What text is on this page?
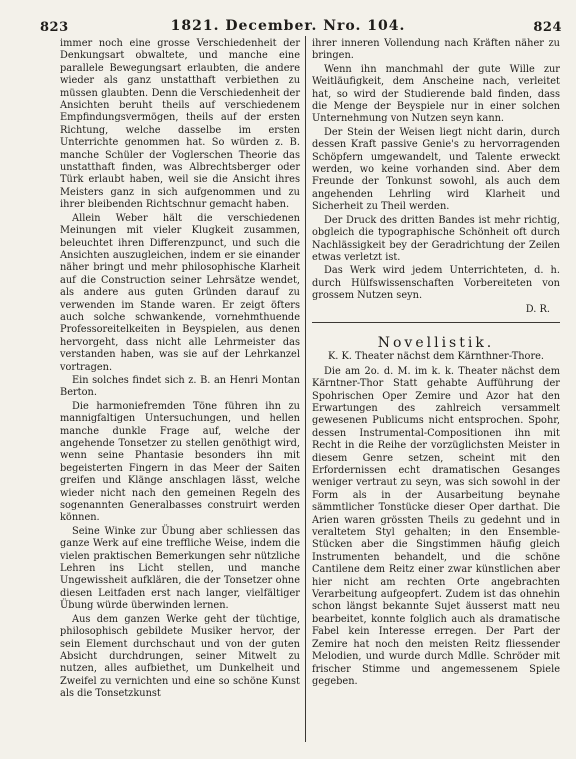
823	1821. December. Nro. 104.	824

immer noch eine grosse Verschiedenheit der Denkungsart obwaltete, und manche eine parallele Bewegungsart erlaubten, die andere wieder als ganz unstatthaft verbiethen zu müssen glaubten. Denn die Verschiedenheit der Ansichten beruht theils auf verschiedenem Empfindungsvermögen, theils auf der ersten Richtung, welche dasselbe im ersten Unterrichte genommen hat. So würden z. B. manche Schüler der Voglerschen Theorie das unstatthaft finden, was Albrechtsberger oder Türk erlaubt haben, weil sie die Ansicht ihres Meisters ganz in sich aufgenommen und zu ihrer bleibenden Richtschnur gemacht haben.

Allein Weber hält die verschiedenen Meinungen mit vieler Klugkeit zusammen, beleuchtet ihren Differenzpunct, und such die Ansichten auszugleichen, indem er sie einander näher bringt und mehr philosophische Klarheit auf die Construction seiner Lehrsätze wendet, als andere aus guten Gründen darauf zu verwenden im Stande waren. Er zeigt öfters auch solche schwankende, vornehmthuende Professoreitelkeiten in Beyspielen, aus denen hervorgeht, dass nicht alle Lehrmeister das verstanden haben, was sie auf der Lehrkanzel vortragen.

Ein solches findet sich z. B. an Henri Montan Berton.

Die harmoniefremden Töne führen ihn zu mannigfaltigen Untersuchungen, und hellen manche dunkle Frage auf, welche der angehende Tonsetzer zu stellen genöthigt wird, wenn seine Phantasie besonders ihn mit begeisterten Fingern in das Meer der Saiten greifen und Klänge anschlagen lässt, welche wieder nicht nach den gemeinen Regeln des sogenannten Generalbasses construirt werden können.

Seine Winke zur Übung aber schliessen das ganze Werk auf eine treffliche Weise, indem die vielen praktischen Bemerkungen sehr nützliche Lehren ins Licht stellen, und manche Ungewissheit aufklären, die der Tonsetzer ohne diesen Leitfaden erst nach langer, vielfältiger Übung würde überwinden lernen.

Aus dem ganzen Werke geht der tüchtige, philosophisch gebildete Musiker hervor, der sein Element durchschaut und von der guten Absicht durchdrungen, seiner Mitwelt zu nutzen, alles aufbiethet, um Dunkelheit und Zweifel zu vernichten und eine so schöne Kunst als die Tonsetzkunst

ihrer inneren Vollendung nach Kräften näher zu bringen.

Wenn ihn manchmahl der gute Wille zur Weitläufigkeit, dem Anscheine nach, verleitet hat, so wird der Studierende bald finden, dass die Menge der Beyspiele nur in einer solchen Unternehmung von Nutzen seyn kann.

Der Stein der Weisen liegt nicht darin, durch dessen Kraft passive Genie's zu hervorragenden Schöpfern umgewandelt, und Talente erweckt werden, wo keine vorhanden sind. Aber dem Freunde der Tonkunst sowohl, als auch dem angehenden Lehrling wird Klarheit und Sicherheit zu Theil werden.

Der Druck des dritten Bandes ist mehr richtig, obgleich die typographische Schönheit oft durch Nachlässigkeit bey der Geradrichtung der Zeilen etwas verletzt ist.

Das Werk wird jedem Unterrichteten, d. h. durch Hülfswissenschaften Vorbereiteten von grossem Nutzen seyn.

D. R.

Novellistik.

K. K. Theater nächst dem Kärnthner-Thore.

Die am 2o. d. M. im k. k. Theater nächst dem Kärntner-Thor Statt gehabte Aufführung der Spohrischen Oper Zemire und Azor hat den Erwartungen des zahlreich versammelt gewesenen Publicums nicht entsprochen. Spohr, dessen Instrumental-Compositionen ihn mit Recht in die Reihe der vorzüglichsten Meister in diesem Genre setzen, scheint mit den Erfordernissen echt dramatischen Gesanges weniger vertraut zu seyn, was sich sowohl in der Form als in der Ausarbeitung beynahe sämmtlicher Tonstücke dieser Oper darthat. Die Arien waren grössten Theils zu gedehnt und in veraltetem Styl gehalten; in den Ensemble-Stücken aber die Singstimmen häufig gleich Instrumenten behandelt, und die schöne Cantilene dem Reitz einer zwar künstlichen aber hier nicht am rechten Orte angebrachten Verarbeitung aufgeopfert. Zudem ist das ohnehin schon längst bekannte Sujet äusserst matt neu bearbeitet, konnte folglich auch als dramatische Fabel kein Interesse erregen. Der Part der Zemire hat noch den meisten Reitz fliessender Melodien, und wurde durch Mdlle. Schröder mit frischer Stimme und angemessenem Spiele gegeben.
